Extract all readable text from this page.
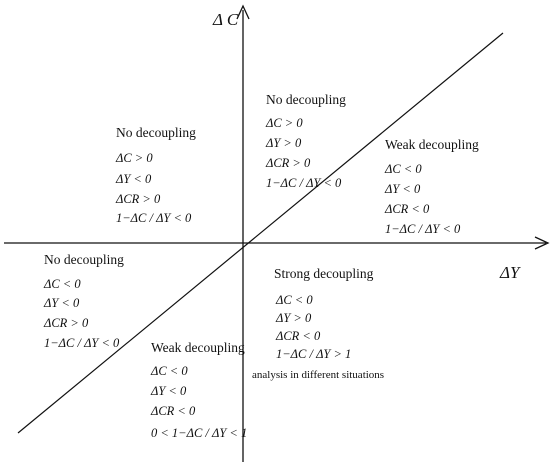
Δ C
ΔY
No decoupling
ΔC > 0
ΔY < 0
ΔCR > 0
1−ΔC / ΔY < 0
No decoupling
ΔC > 0
ΔY > 0
ΔCR > 0
1−ΔC / ΔY < 0
Weak decoupling
ΔC < 0
ΔY < 0
ΔCR < 0
1−ΔC / ΔY < 0
No decoupling
ΔC < 0
ΔY < 0
ΔCR > 0
1−ΔC / ΔY < 0 Weak decoupling
ΔC < 0
ΔY < 0
ΔCR < 0
0 < 1−ΔC / ΔY < 1
Strong decoupling
ΔC < 0
ΔY > 0
ΔCR < 0
1−ΔC / ΔY > 1
analysis in different situations
